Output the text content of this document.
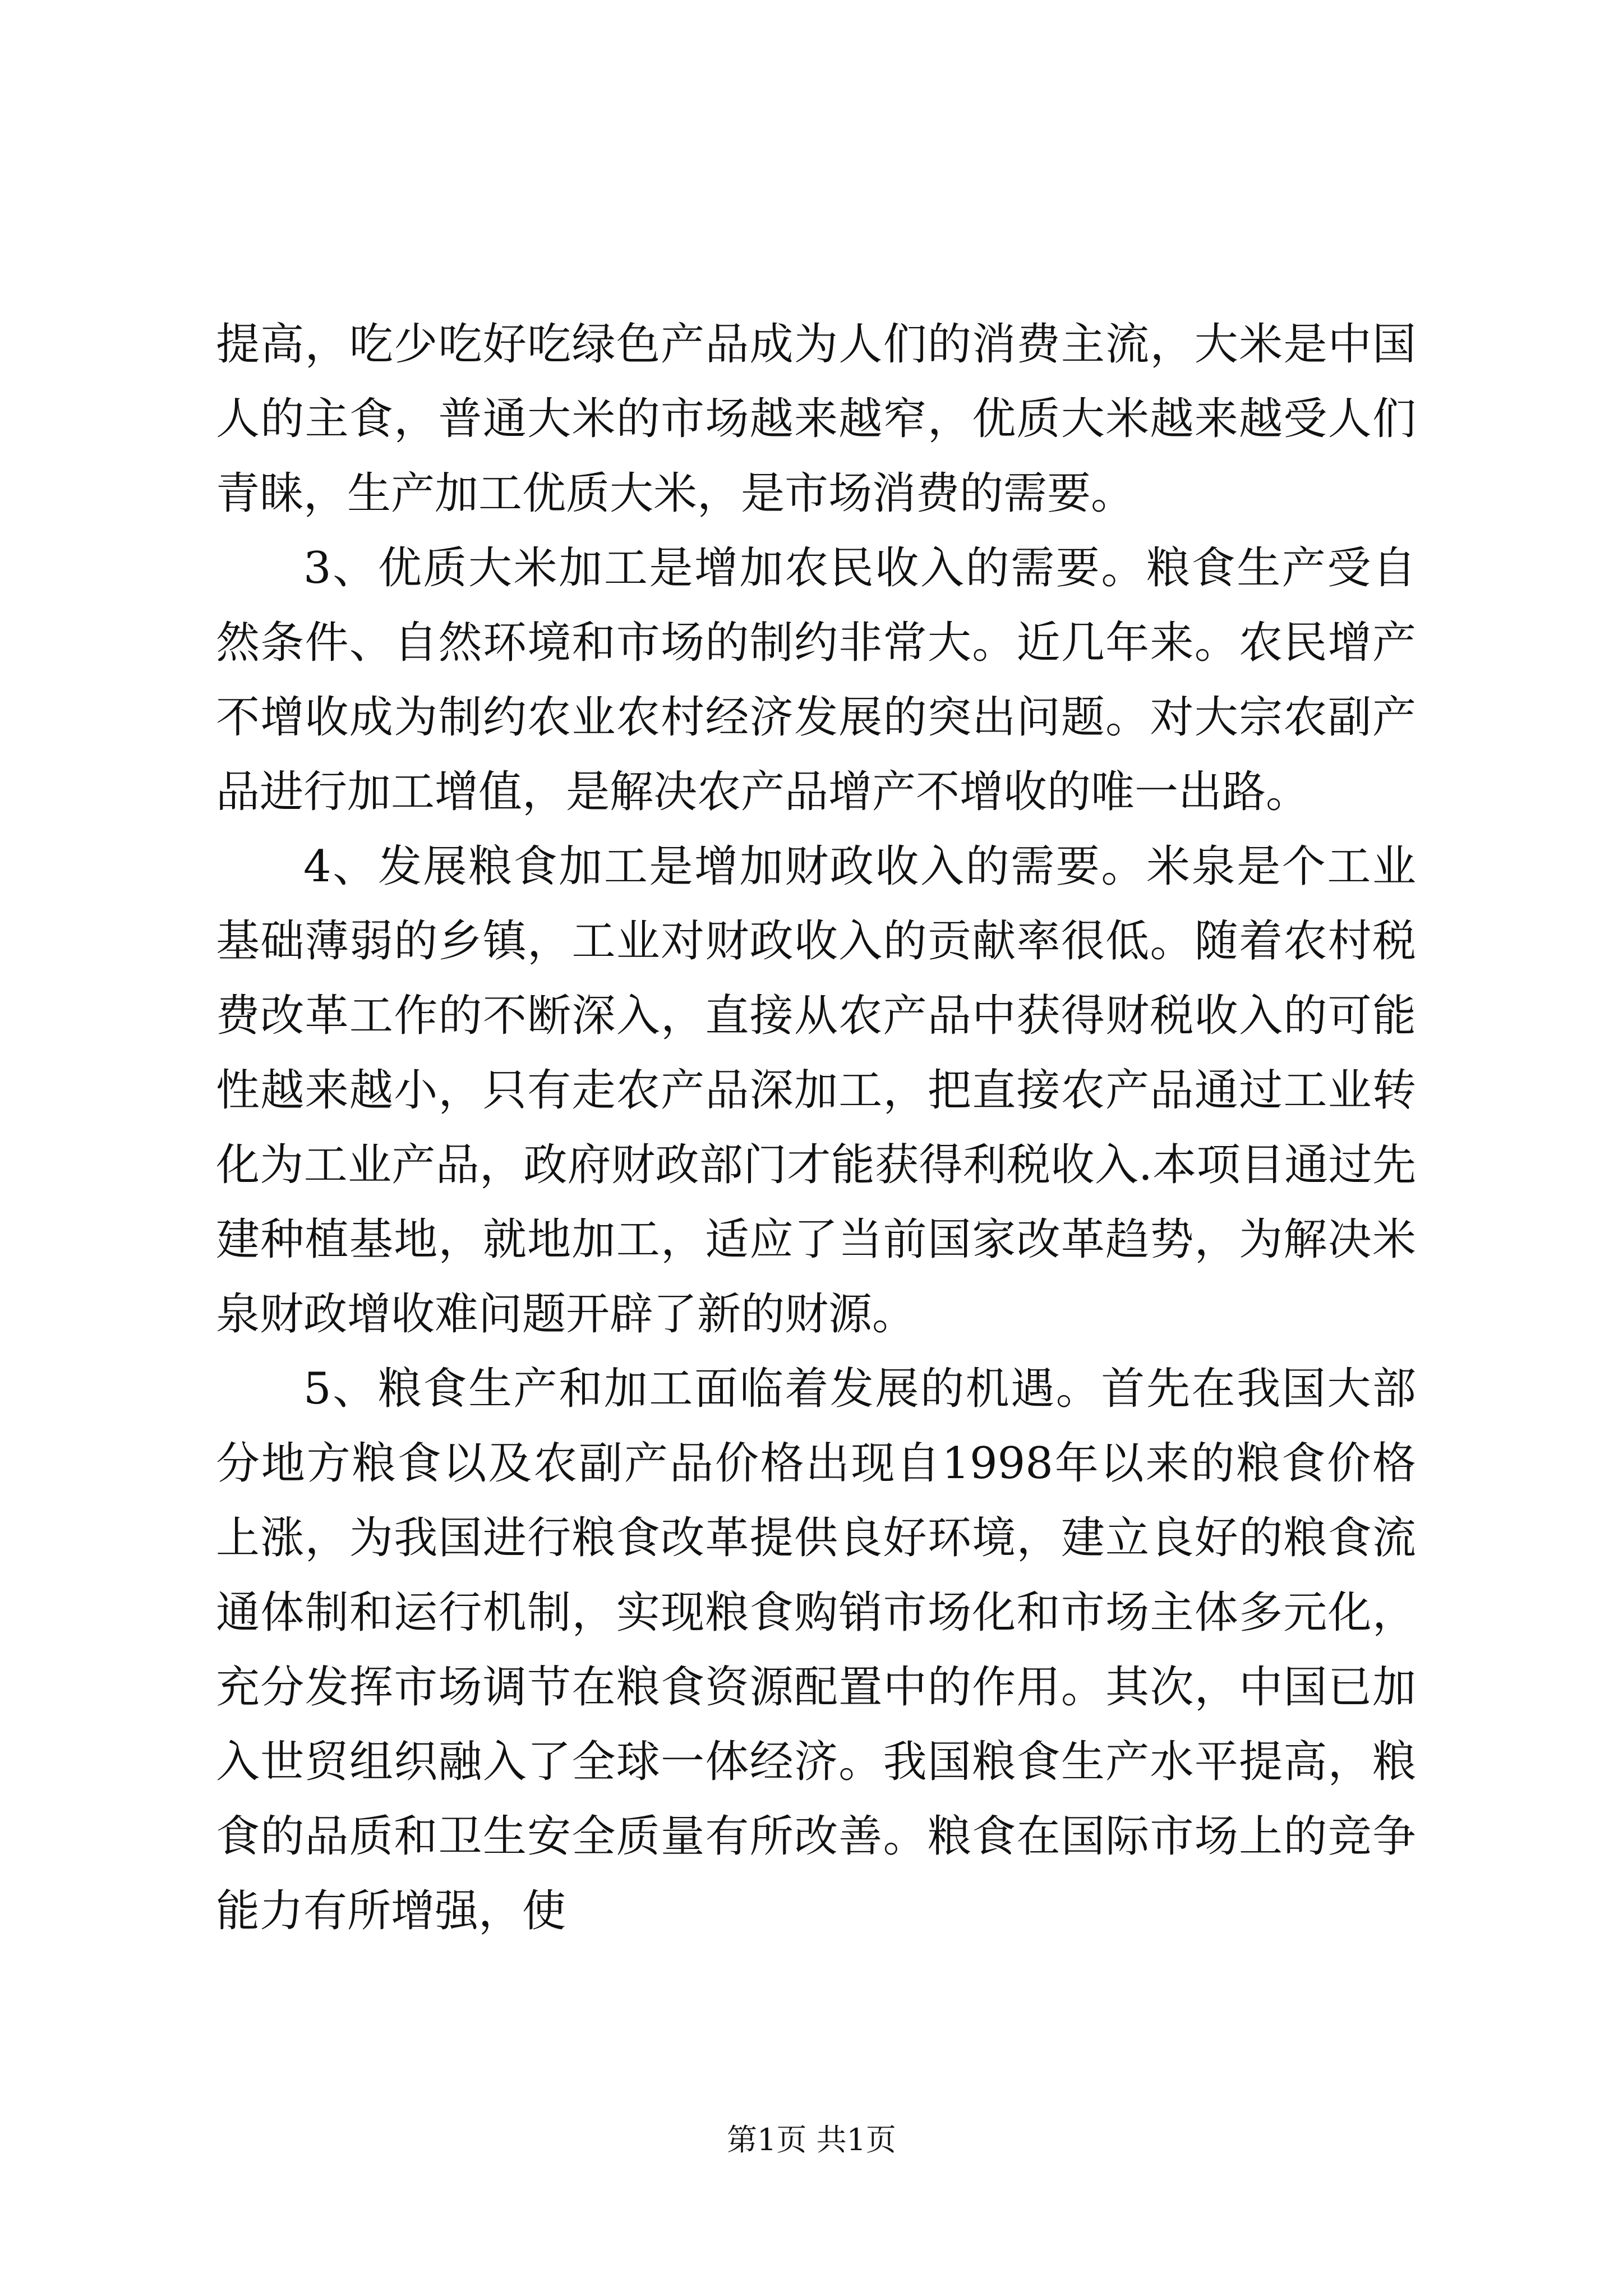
提高，吃少吃好吃绿色产品成为人们的消费主流，大米是中国人的主食，普通大米的市场越来越窄，优质大米越来越受人们青睐，生产加工优质大米，是市场消费的需要。

3、优质大米加工是增加农民收入的需要。粮食生产受自然条件、自然环境和市场的制约非常大。近几年来。农民增产不增收成为制约农业农村经济发展的突出问题。对大宗农副产品进行加工增值，是解决农产品增产不增收的唯一出路。

4、发展粮食加工是增加财政收入的需要。米泉是个工业基础薄弱的乡镇，工业对财政收入的贡献率很低。随着农村税费改革工作的不断深入，直接从农产品中获得财税收入的可能性越来越小，只有走农产品深加工，把直接农产品通过工业转化为工业产品，政府财政部门才能获得利税收入.本项目通过先建种植基地，就地加工，适应了当前国家改革趋势，为解决米泉财政增收难问题开辟了新的财源。

5、粮食生产和加工面临着发展的机遇。首先在我国大部分地方粮食以及农副产品价格出现自1998年以来的粮食价格上涨，为我国进行粮食改革提供良好环境，建立良好的粮食流通体制和运行机制，实现粮食购销市场化和市场主体多元化，充分发挥市场调节在粮食资源配置中的作用。其次，中国已加入世贸组织融入了全球一体经济。我国粮食生产水平提高，粮食的品质和卫生安全质量有所改善。粮食在国际市场上的竞争能力有所增强，使

第1页 共1页
